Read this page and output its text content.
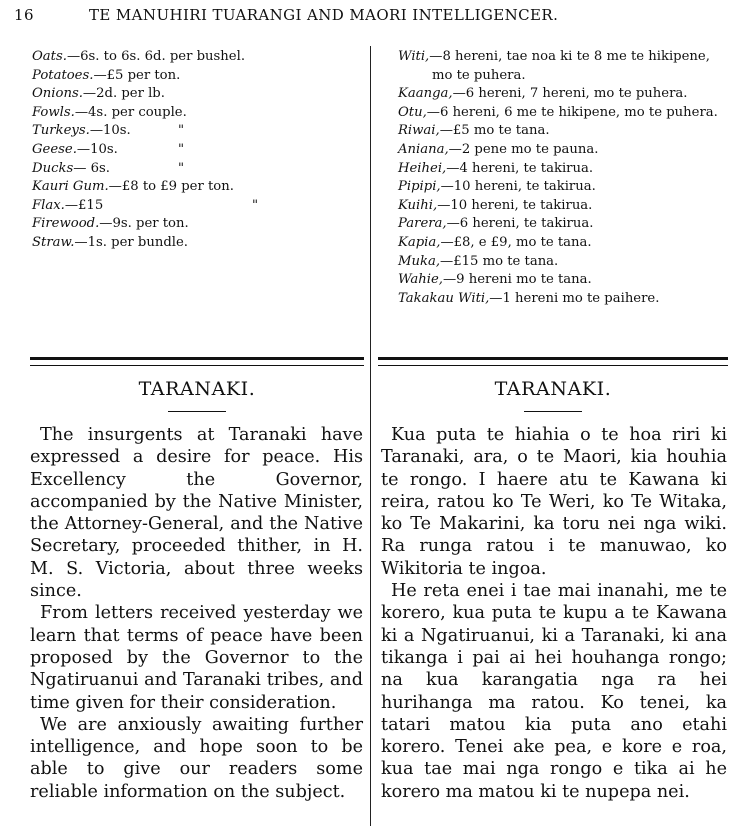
16	TE MANUHIRI TUARANGI AND MAORI INTELLIGENCER.
Oats.—6s. to 6s. 6d. per bushel.
Potatoes.—£5 per ton.
Onions.—2d. per lb.
Fowls.—4s. per couple.
Turkeys.—10s.	"
Geese.—10s.	"
Ducks— 6s.	"
Kauri Gum.—£8 to £9 per ton.
Flax.—£15	"
Firewood.—9s. per ton.
Straw.—1s. per bundle.
Witi,—8 hereni, tae noa ki te 8 me te hikipene, mo te puhera.
Kaanga,—6 hereni, 7 hereni, mo te puhera.
Otu,—6 hereni, 6 me te hikipene, mo te puhera.
Riwai,—£5 mo te tana.
Aniana,—2 pene mo te pauna.
Heihei,—4 hereni, te takirua.
Pipipi,—10 hereni, te takirua.
Kuihi,—10 hereni, te takirua.
Parera,—6 hereni, te takirua.
Kapia,—£8, e £9, mo te tana.
Muka,—£15 mo te tana.
Wahie,—9 hereni mo te tana.
Takakau Witi,—1 hereni mo te paihere.
TARANAKI.	TARANAKI.

The insurgents at Taranaki have expressed a desire for peace. His Excellency the Governor, accompanied by the Native Minister, the Attorney-General, and the Native Secretary, proceeded thither, in H. M. S. Victoria, about three weeks since.

From letters received yesterday we learn that terms of peace have been proposed by the Governor to the Ngatiruanui and Taranaki tribes, and time given for their consideration.

We are anxiously awaiting further intelligence, and hope soon to be able to give our readers some reliable information on the subject.

Kua puta te hiahia o te hoa riri ki Taranaki, ara, o te Maori, kia houhia te rongo. I haere atu te Kawana ki reira, ratou ko Te Weri, ko Te Witaka, ko Te Makarini, ka toru nei nga wiki. Ra runga ratou i te manuwao, ko Wikitoria te ingoa.

He reta enei i tae mai inanahi, me te korero, kua puta te kupu a te Kawana ki a Ngatiruanui, ki a Taranaki, ki ana tikanga i pai ai hei houhanga rongo; na kua karangatia nga ra hei hurihanga ma ratou. Ko tenei, ka tatari matou kia puta ano etahi korero. Tenei ake pea, e kore e roa, kua tae mai nga rongo e tika ai he korero ma matou ki te nupepa nei.
